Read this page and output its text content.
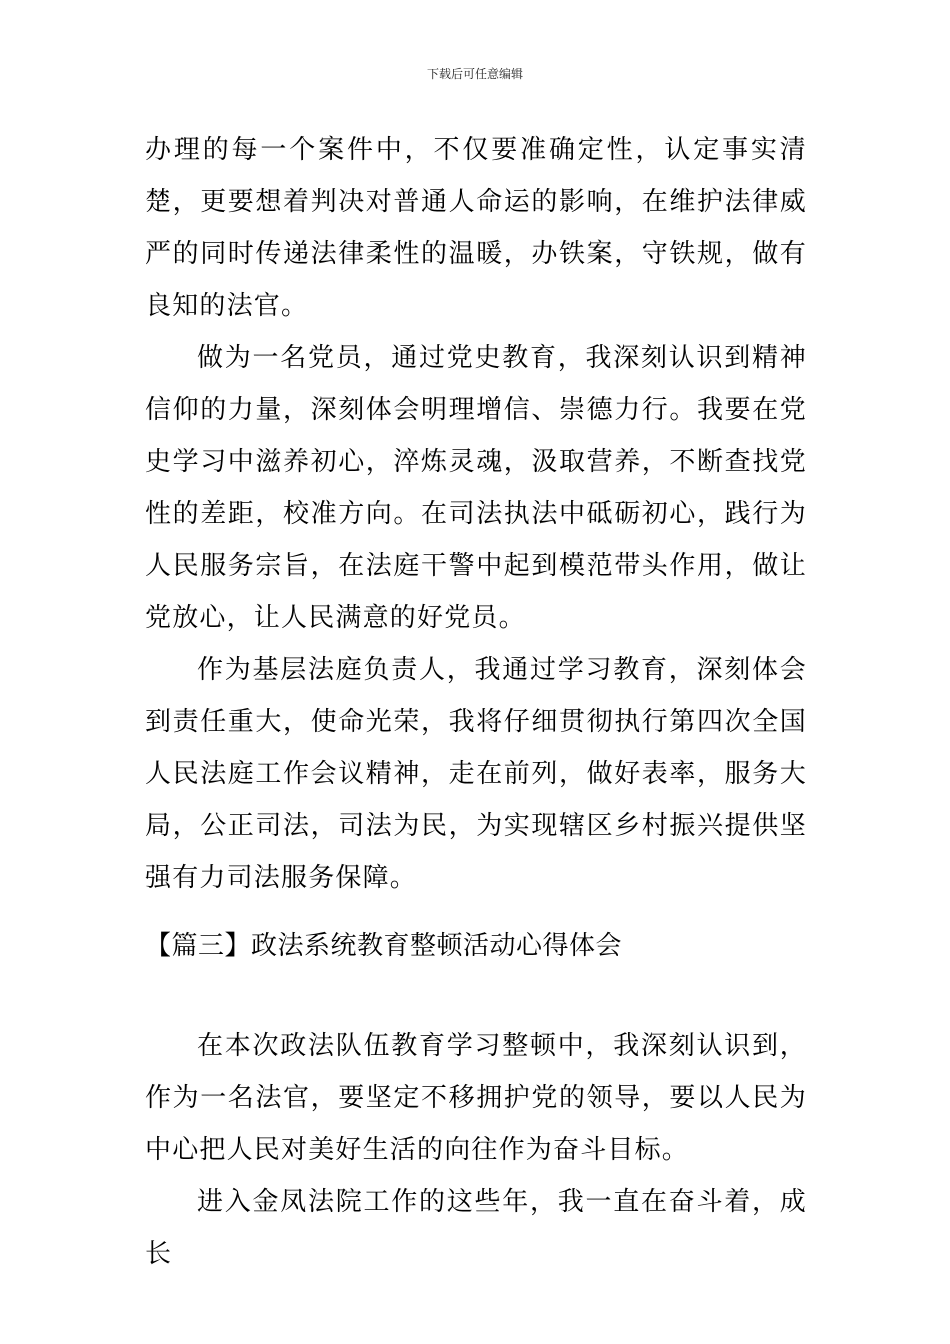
下载后可任意编辑

办理的每一个案件中，不仅要准确定性，认定事实清楚，更要想着判决对普通人命运的影响，在维护法律威严的同时传递法律柔性的温暖，办铁案，守铁规，做有良知的法官。

做为一名党员，通过党史教育，我深刻认识到精神信仰的力量，深刻体会明理增信、崇德力行。我要在党史学习中滋养初心，淬炼灵魂，汲取营养，不断查找党性的差距，校准方向。在司法执法中砥砺初心，践行为人民服务宗旨，在法庭干警中起到模范带头作用，做让党放心，让人民满意的好党员。

作为基层法庭负责人，我通过学习教育，深刻体会到责任重大，使命光荣，我将仔细贯彻执行第四次全国人民法庭工作会议精神，走在前列，做好表率，服务大局，公正司法，司法为民，为实现辖区乡村振兴提供坚强有力司法服务保障。

【篇三】政法系统教育整顿活动心得体会

在本次政法队伍教育学习整顿中，我深刻认识到，作为一名法官，要坚定不移拥护党的领导，要以人民为中心把人民对美好生活的向往作为奋斗目标。

进入金凤法院工作的这些年，我一直在奋斗着，成长
